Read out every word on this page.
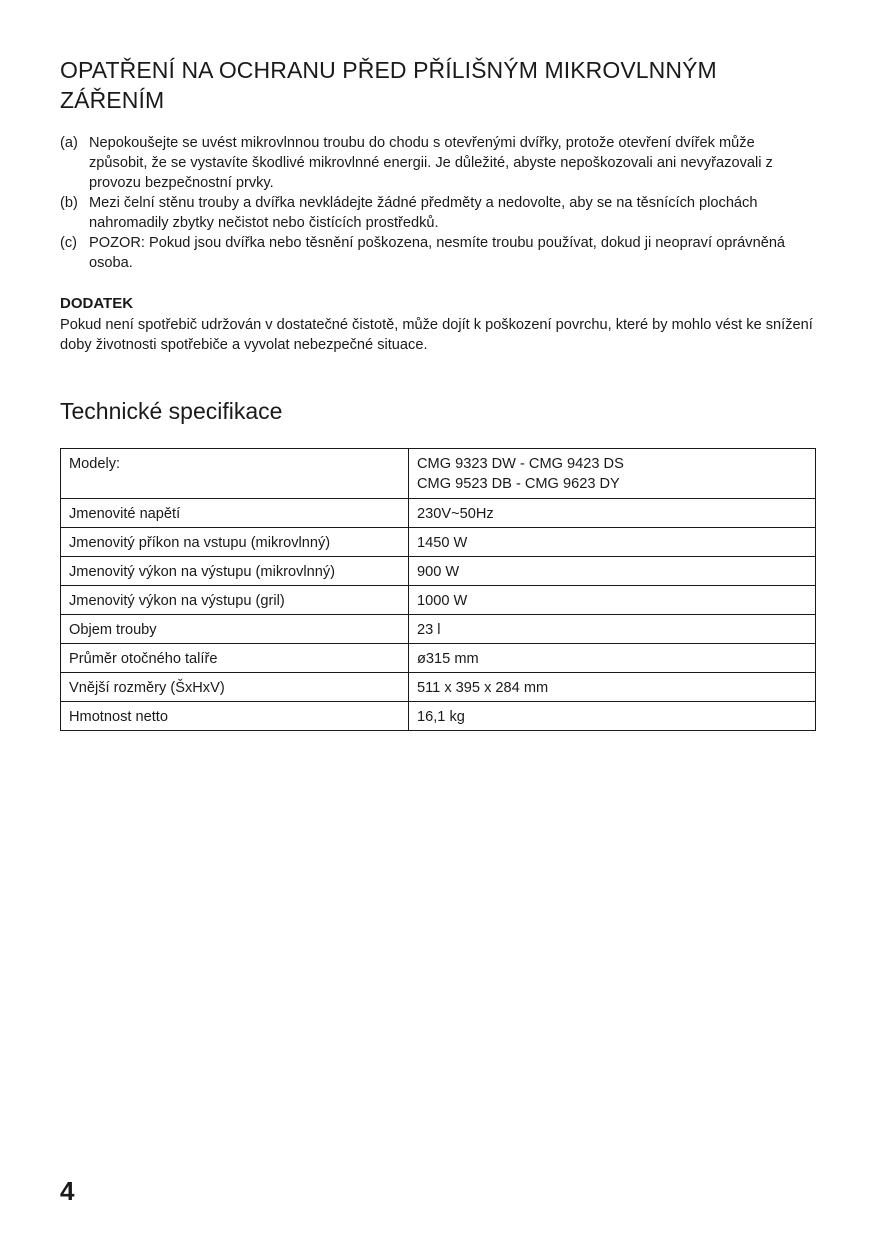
OPATŘENÍ NA OCHRANU PŘED PŘÍLIŠNÝM MIKROVLNNÝM ZÁŘENÍM
(a) Nepokoušejte se uvést mikrovlnnou troubu do chodu s otevřenými dvířky, protože otevření dvířek může způsobit, že se vystavíte škodlivé mikrovlnné energii. Je důležité, abyste nepoškozovali ani nevyřazovali z provozu bezpečnostní prvky.
(b) Mezi čelní stěnu trouby a dvířka nevkládejte žádné předměty a nedovolte, aby se na těsnících plochách nahromadily zbytky nečistot nebo čistících prostředků.
(c) POZOR: Pokud jsou dvířka nebo těsnění poškozena, nesmíte troubu používat, dokud ji neopraví oprávněná osoba.
DODATEK

Pokud není spotřebič udržován v dostatečné čistotě, může dojít k poškození povrchu, které by mohlo vést ke snížení doby životnosti spotřebiče a vyvolat nebezpečné situace.

Technické specifikace
Modely:	CMG 9323 DW - CMG 9423 DS
CMG 9523 DB - CMG 9623 DY

Jmenovité napětí	230V~50Hz
Jmenovitý příkon na vstupu (mikrovlnný)	1450 W
Jmenovitý výkon na výstupu (mikrovlnný)	900 W
Jmenovitý výkon na výstupu (gril)	1000 W
Objem trouby	23 l
Průměr otočného talíře	ø315 mm
Vnější rozměry (ŠxHxV)	511 x 395 x 284 mm
Hmotnost netto	16,1 kg
4
